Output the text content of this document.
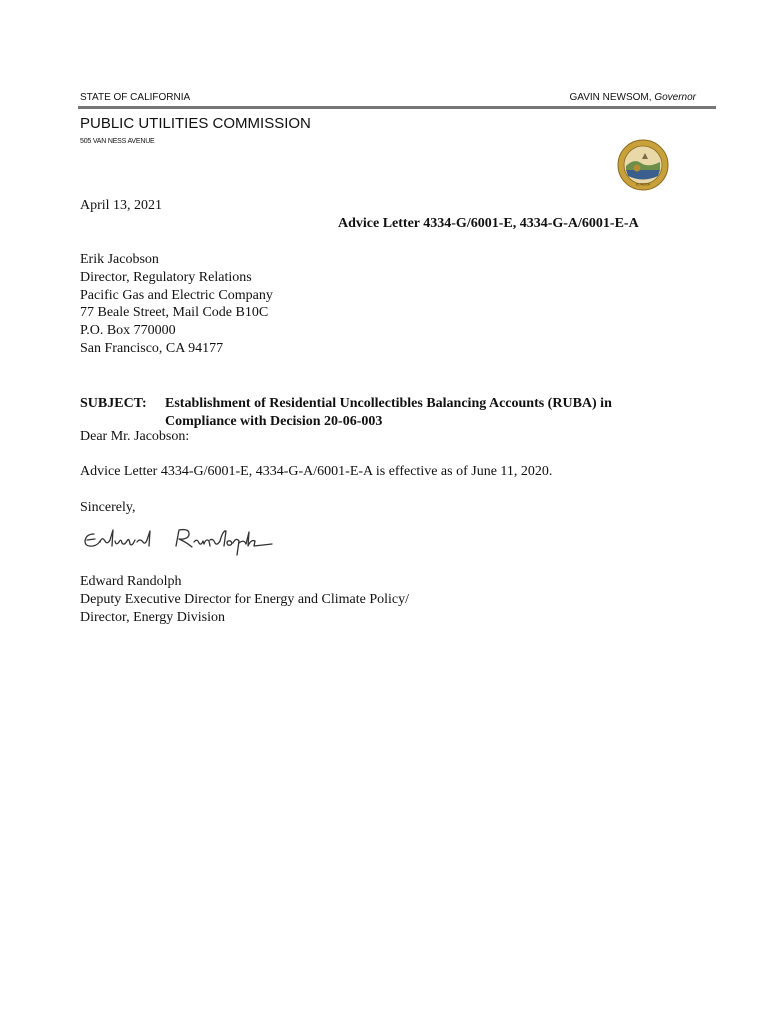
STATE OF CALIFORNIA	GAVIN NEWSOM, Governor
PUBLIC UTILITIES COMMISSION
505 VAN NESS AVENUE
EUREKA
April 13, 2021
Advice Letter 4334-G/6001-E, 4334-G-A/6001-E-A
Erik Jacobson
Director, Regulatory Relations
Pacific Gas and Electric Company
77 Beale Street, Mail Code B10C
P.O. Box 770000
San Francisco, CA 94177
SUBJECT: Establishment of Residential Uncollectibles Balancing Accounts (RUBA) in
Compliance with Decision 20-06-003
Dear Mr. Jacobson:
Advice Letter 4334-G/6001-E, 4334-G-A/6001-E-A is effective as of June 11, 2020.
Sincerely,
Edward Randolph
Deputy Executive Director for Energy and Climate Policy/
Director, Energy Division
